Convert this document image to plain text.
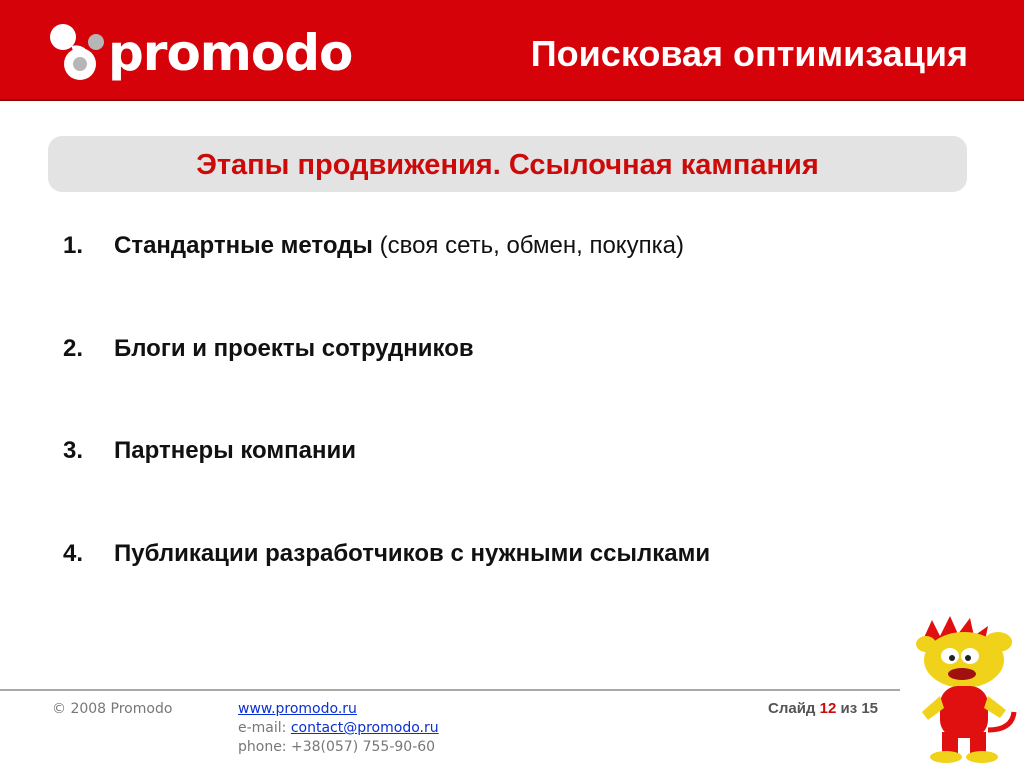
promodo	Поисковая оптимизация
Этапы продвижения. Ссылочная кампания
1. Стандартные методы (своя сеть, обмен, покупка)
2. Блоги и проекты сотрудников
3. Партнеры компании
4. Публикации разработчиков с нужными ссылками
© 2008 Promodo	www.promodo.ru
e-mail: contact@promodo.ru
phone: +38(057) 755-90-60
Слайд 12 из 15
